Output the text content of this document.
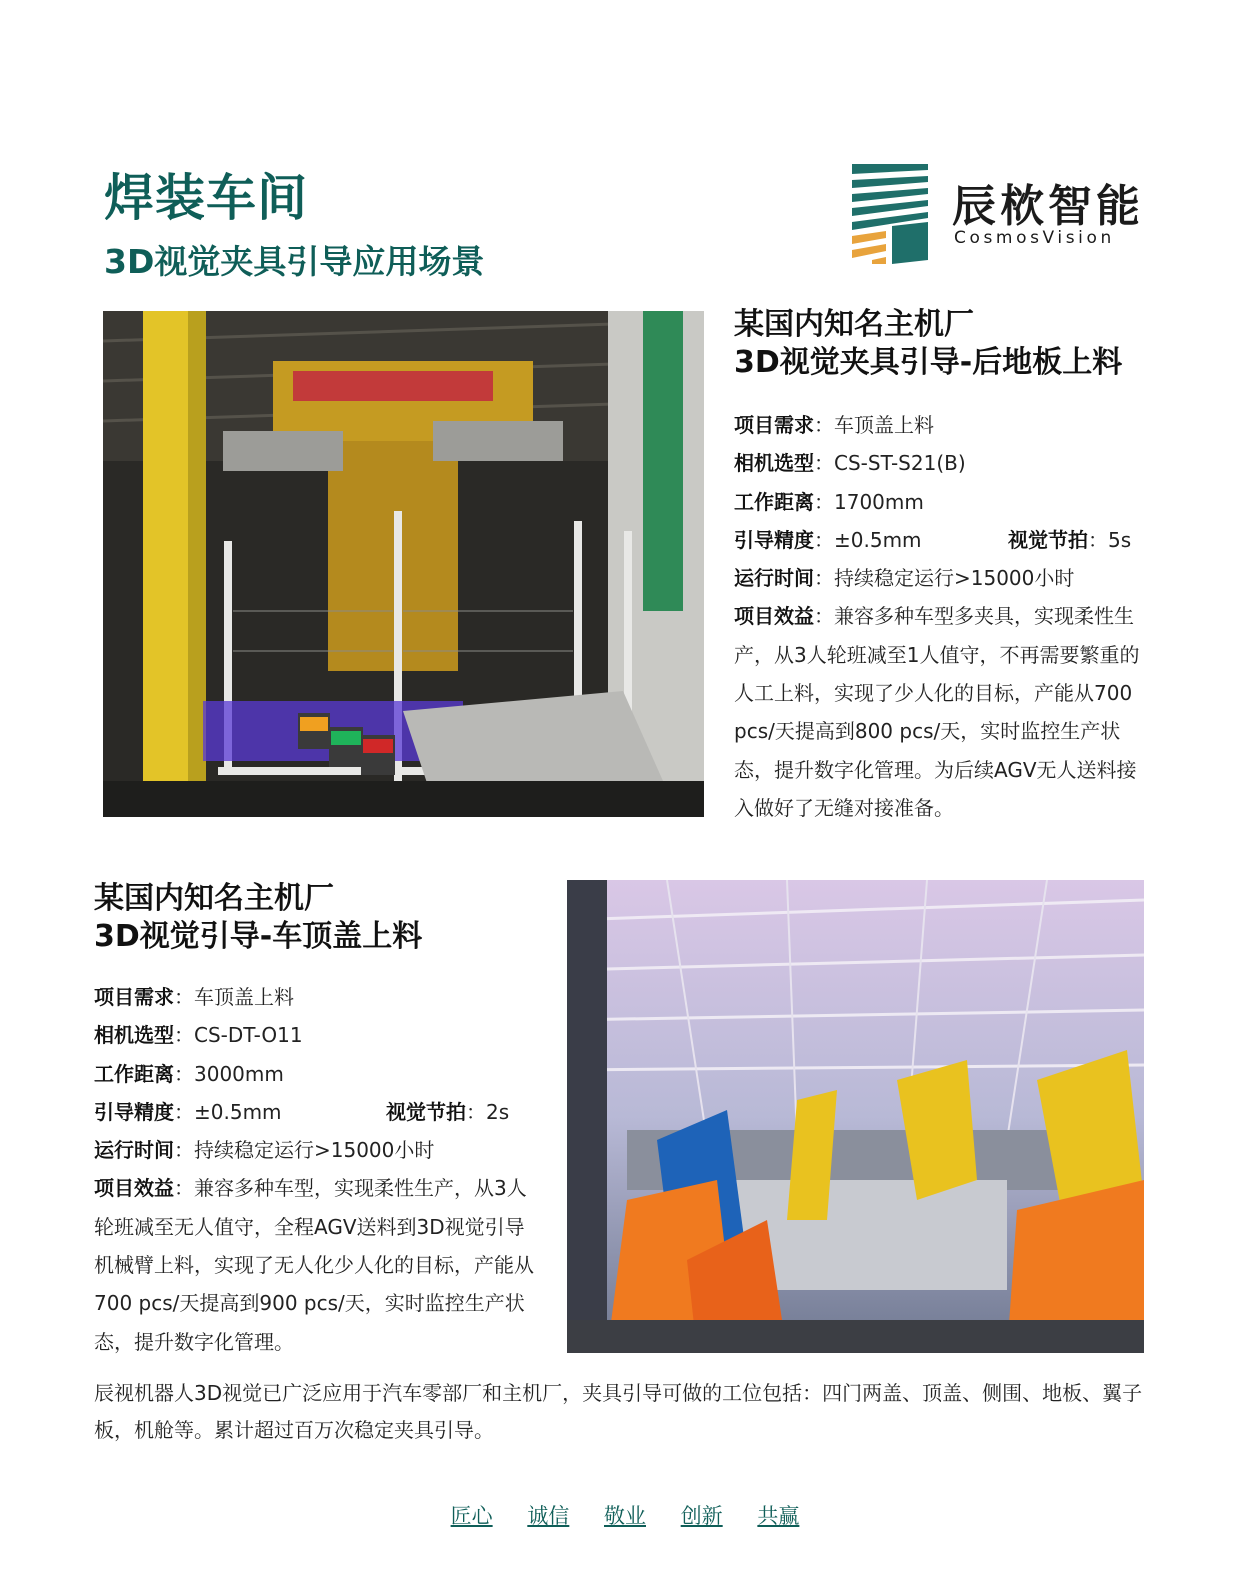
焊装车间
3D视觉夹具引导应用场景
辰栨智能
CosmosVision
某国内知名主机厂
3D视觉夹具引导-后地板上料
项目需求：车顶盖上料
相机选型：CS-ST-S21(B)
工作距离：1700mm
引导精度：±0.5mm	视觉节拍：5s
运行时间：持续稳定运行>15000小时
项目效益：兼容多种车型多夹具，实现柔性生产，从3人轮班减至1人值守，不再需要繁重的人工上料，实现了少人化的目标，产能从700 pcs/天提高到800 pcs/天，实时监控生产状态，提升数字化管理。为后续AGV无人送料接入做好了无缝对接准备。
某国内知名主机厂
3D视觉引导-车顶盖上料
项目需求：车顶盖上料
相机选型：CS-DT-O11
工作距离：3000mm
引导精度：±0.5mm	视觉节拍：2s
运行时间：持续稳定运行>15000小时
项目效益：兼容多种车型，实现柔性生产，从3人轮班减至无人值守，全程AGV送料到3D视觉引导机械臂上料，实现了无人化少人化的目标，产能从700 pcs/天提高到900 pcs/天，实时监控生产状态，提升数字化管理。

辰视机器人3D视觉已广泛应用于汽车零部厂和主机厂，夹具引导可做的工位包括：四门两盖、顶盖、侧围、地板、翼子板，机舱等。累计超过百万次稳定夹具引导。

匠心 诚信 敬业 创新 共赢
